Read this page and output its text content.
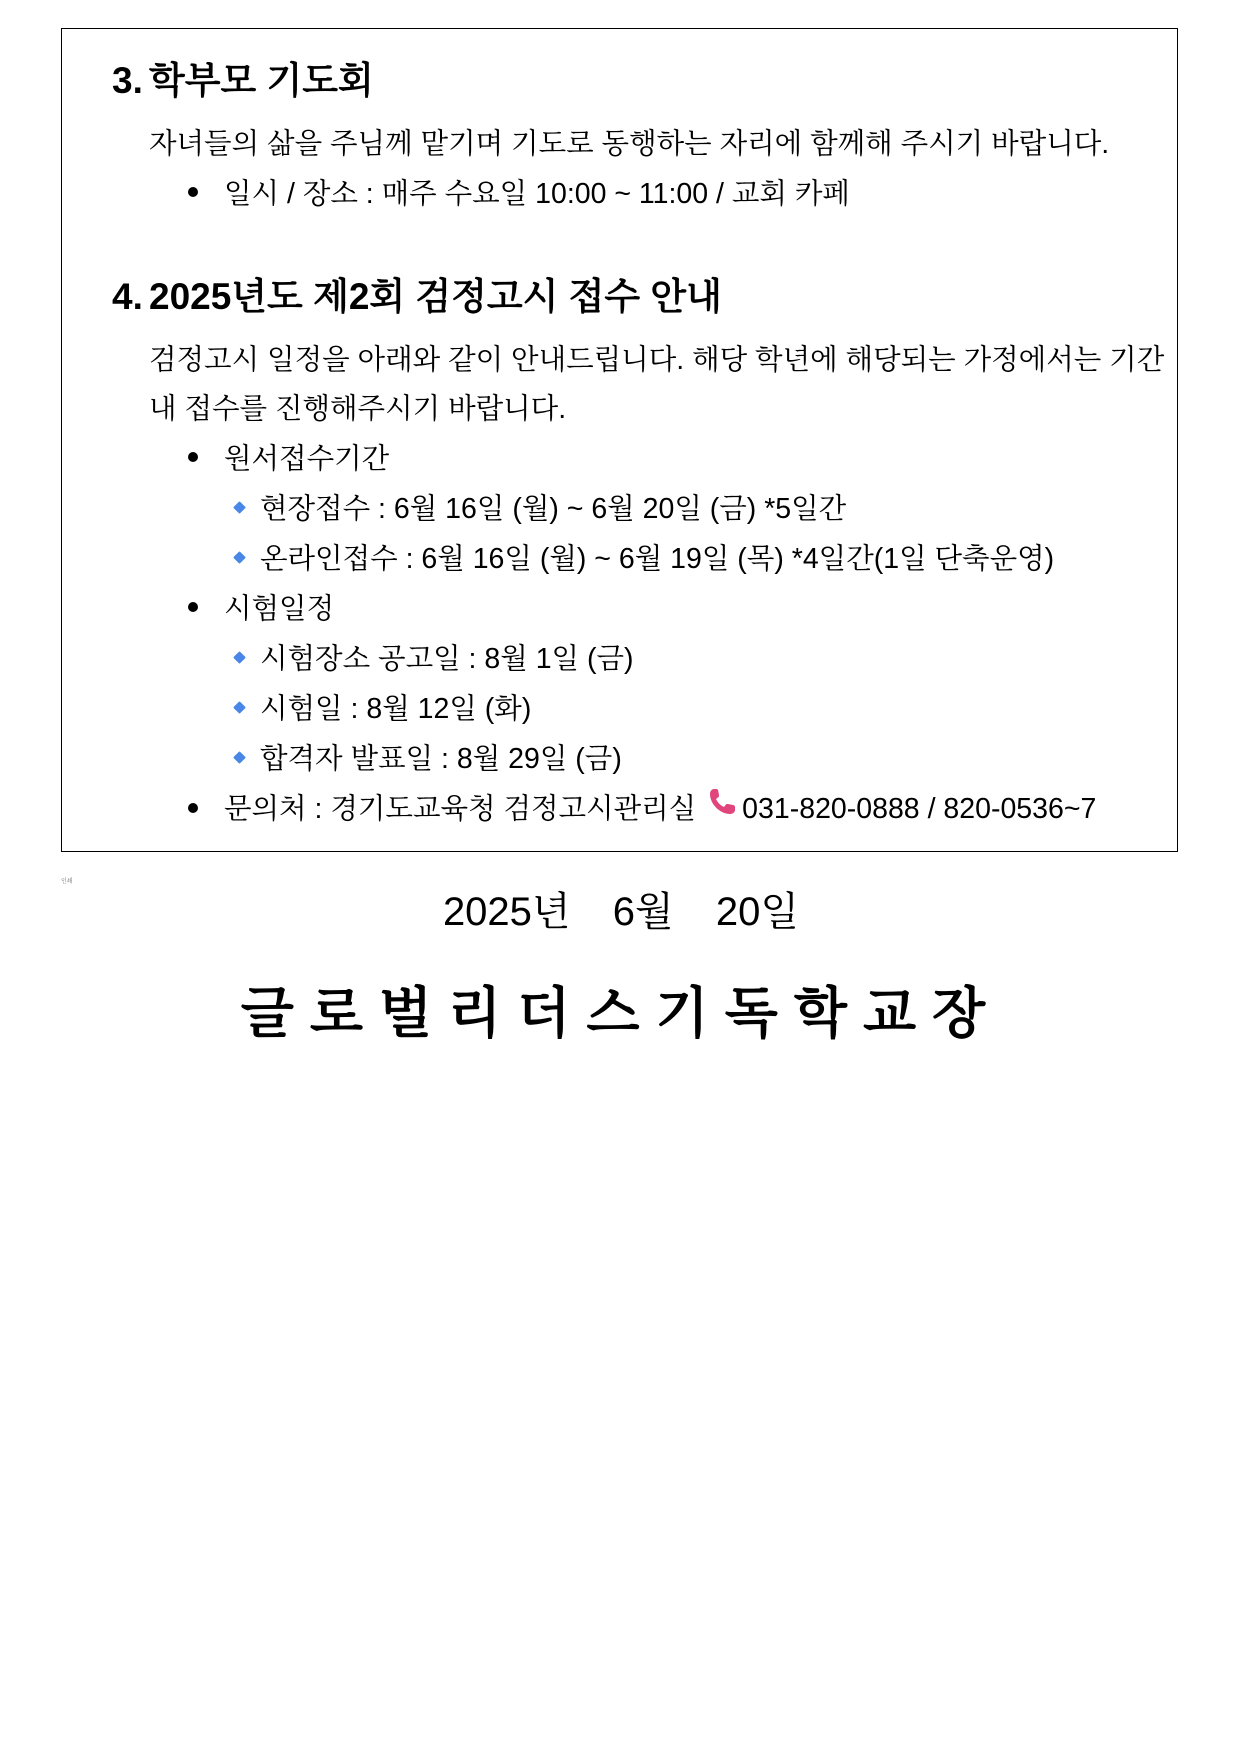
3. 학부모 기도회
자녀들의 삶을 주님께 맡기며 기도로 동행하는 자리에 함께해 주시기 바랍니다.
일시 / 장소 : 매주 수요일 10:00 ~ 11:00 / 교회 카페
4. 2025년도 제2회 검정고시 접수 안내
검정고시 일정을 아래와 같이 안내드립니다. 해당 학년에 해당되는 가정에서는 기간
내 접수를 진행해주시기 바랍니다.
원서접수기간
현장접수 : 6월 16일 (월) ~ 6월 20일 (금) *5일간
온라인접수 : 6월 16일 (월) ~ 6월 19일 (목) *4일간(1일 단축운영)
시험일정
시험장소 공고일 : 8월 1일 (금)
시험일 : 8월 12일 (화)
합격자 발표일 : 8월 29일 (금)
문의처 : 경기도교육청 검정고시관리실 031-820-0888 / 820-0536~7
인쇄
2025년  6월  20일
글로벌리더스기독학교장
